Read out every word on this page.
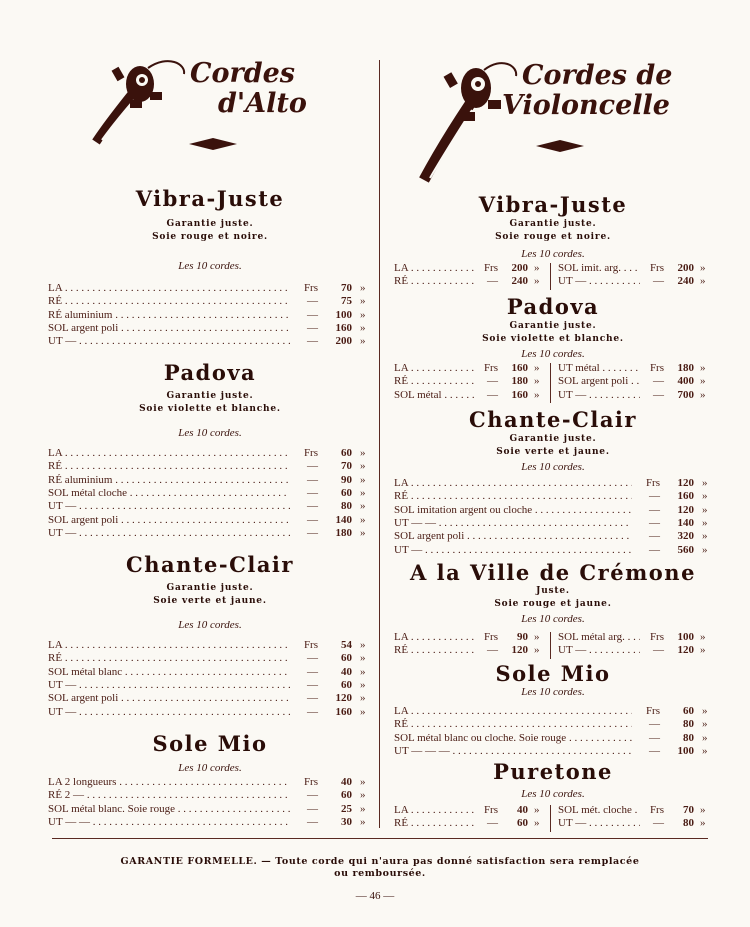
Cordes
d'Alto
Cordes de
Violoncelle
Vibra-Juste
Garantie juste.
Soie rouge et noire.
Les 10 cordes.
LA . . .	Frs	70 »
RÉ . . .	—	75 »
RÉ aluminium . . .	—	100 »
SOL argent poli . . .	—	160 »
UT — . . .	—	200 »
Padova
Garantie juste.
Soie violette et blanche.
Les 10 cordes.
LA . . .	Frs	60 »
RÉ . . .	—	70 »
RÉ aluminium . . .	—	90 »
SOL métal cloche . . .	—	60 »
UT — . . .	—	80 »
SOL argent poli . . .	—	140 »
UT — . . .	—	180 »
Chante-Clair
Garantie juste.
Soie verte et jaune.
Les 10 cordes.
LA . . .	Frs	54 »
RÉ . . .	—	60 »
SOL métal blanc . . .	—	40 »
UT — . . .	—	60 »
SOL argent poli . . .	—	120 »
UT — . . .	—	160 »
Sole Mio
Les 10 cordes.
LA 2 longueurs . . .	Frs	40 »
RÉ 2 — . . .	—	60 »
SOL métal blanc. Soie rouge . . .	—	25 »
UT — — . . .	—	30 »
Vibra-Juste
Garantie juste.
Soie rouge et noire.
Les 10 cordes.
LA . . .	Frs	200 » SOL imit. arg. . . .	Frs	200 »
RÉ . . .	—	240 » UT — . . .	—	240 »
Padova
Garantie juste.
Soie violette et blanche.
Les 10 cordes.
LA . . .	Frs	160 » UT métal . . .	Frs	180 »
RÉ . . .	—	180 » SOL argent poli . . .	—	400 »
SOL métal . . .	—	160 » UT — . . .	—	700 »
Chante-Clair
Garantie juste.
Soie verte et jaune.
Les 10 cordes.
LA . . .	Frs	120 »
RÉ . . .	—	160 »
SOL imitation argent ou cloche . . .	—	120 »
UT — — . . .	—	140 »
SOL argent poli . . .	—	320 »
UT — . . .	—	560 »
A la Ville de Crémone
Juste.
Soie rouge et jaune.
Les 10 cordes.
LA . . .	Frs	90 » SOL métal arg. . . .	Frs	100 »
RÉ . . .	—	120 » UT — . . .	—	120 »
Sole Mio
Les 10 cordes.
LA . . .	Frs	60 »
RÉ . . .	—	80 »
SOL métal blanc ou cloche. Soie rouge . . .	—	80 »
UT — — — . . .	—	100 »
Puretone
Les 10 cordes.
LA . . .	Frs	40 » SOL mét. cloche . . .	Frs	70 »
RÉ . . .	—	60 » UT — . . .	—	80 »
GARANTIE FORMELLE. — Toute corde qui n'aura pas donné satisfaction sera remplacée
ou remboursée.
— 46 —
